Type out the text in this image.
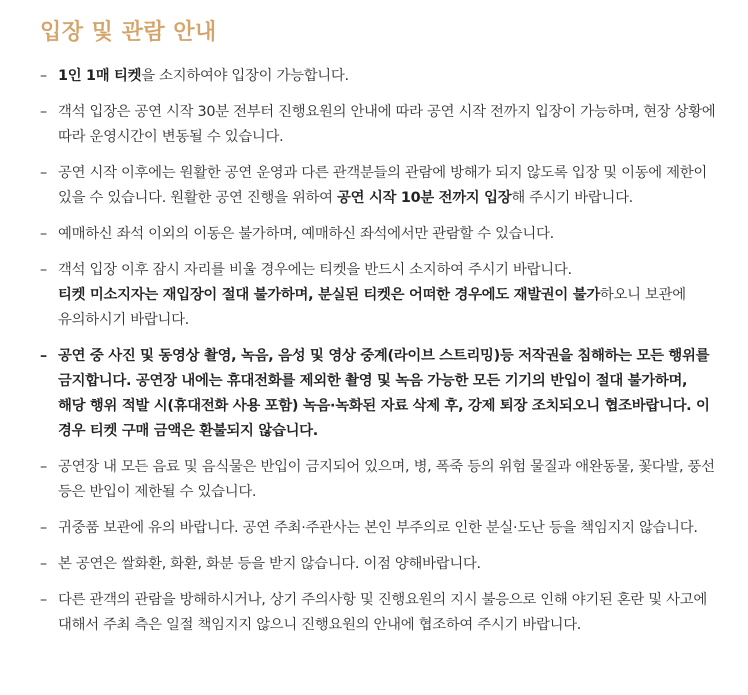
입장 및 관람 안내
– 1인 1매 티켓을 소지하여야 입장이 가능합니다.
– 객석 입장은 공연 시작 30분 전부터 진행요원의 안내에 따라 공연 시작 전까지 입장이 가능하며, 현장 상황에 따라 운영시간이 변동될 수 있습니다.
– 공연 시작 이후에는 원활한 공연 운영과 다른 관객분들의 관람에 방해가 되지 않도록 입장 및 이동에 제한이 있을 수 있습니다. 원활한 공연 진행을 위하여 공연 시작 10분 전까지 입장해 주시기 바랍니다.
– 예매하신 좌석 이외의 이동은 불가하며, 예매하신 좌석에서만 관람할 수 있습니다.
– 객석 입장 이후 잠시 자리를 비울 경우에는 티켓을 반드시 소지하여 주시기 바랍니다.
티켓 미소지자는 재입장이 절대 불가하며, 분실된 티켓은 어떠한 경우에도 재발권이 불가하오니 보관에 유의하시기 바랍니다.
– 공연 중 사진 및 동영상 촬영, 녹음, 음성 및 영상 중계(라이브 스트리밍)등 저작권을 침해하는 모든 행위를 금지합니다. 공연장 내에는 휴대전화를 제외한 촬영 및 녹음 가능한 모든 기기의 반입이 절대 불가하며, 해당 행위 적발 시(휴대전화 사용 포함) 녹음·녹화된 자료 삭제 후, 강제 퇴장 조치되오니 협조바랍니다. 이 경우 티켓 구매 금액은 환불되지 않습니다.
– 공연장 내 모든 음료 및 음식물은 반입이 금지되어 있으며, 병, 폭죽 등의 위험 물질과 애완동물, 꽃다발, 풍선 등은 반입이 제한될 수 있습니다.
– 귀중품 보관에 유의 바랍니다. 공연 주최·주관사는 본인 부주의로 인한 분실·도난 등을 책임지지 않습니다.
– 본 공연은 쌀화환, 화환, 화분 등을 받지 않습니다. 이점 양해바랍니다.
– 다른 관객의 관람을 방해하시거나, 상기 주의사항 및 진행요원의 지시 불응으로 인해 야기된 혼란 및 사고에 대해서 주최 측은 일절 책임지지 않으니 진행요원의 안내에 협조하여 주시기 바랍니다.
